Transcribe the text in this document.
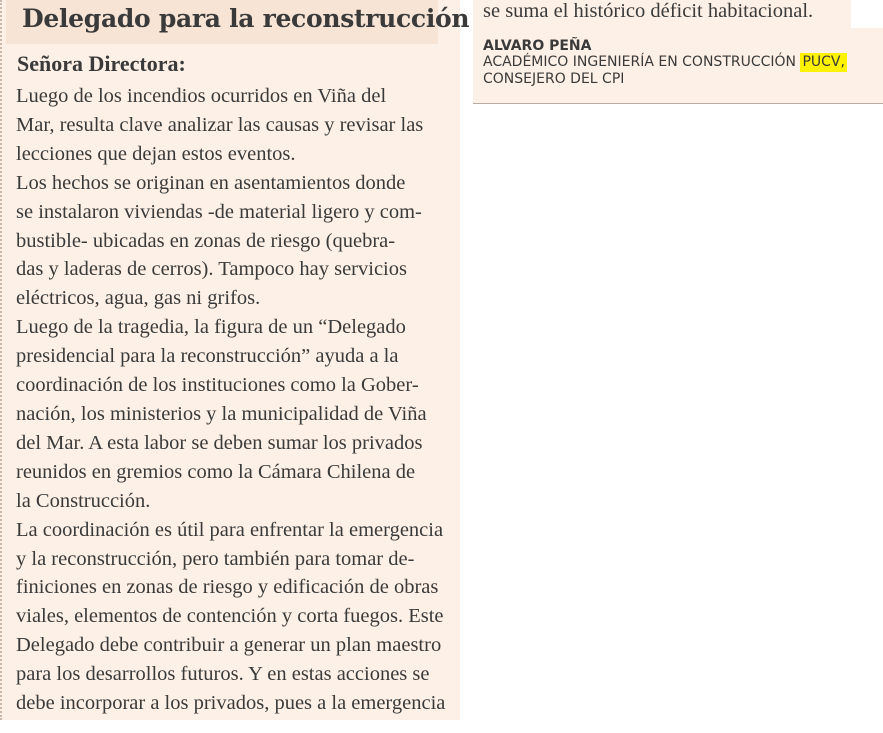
Delegado para la reconstrucción

Señora Directora:

Luego de los incendios ocurridos en Viña del
Mar, resulta clave analizar las causas y revisar las
lecciones que dejan estos eventos.
Los hechos se originan en asentamientos donde
se instalaron viviendas -de material ligero y com-
bustible- ubicadas en zonas de riesgo (quebra-
das y laderas de cerros). Tampoco hay servicios
eléctricos, agua, gas ni grifos.
Luego de la tragedia, la figura de un “Delegado
presidencial para la reconstrucción” ayuda a la
coordinación de los instituciones como la Gober-
nación, los ministerios y la municipalidad de Viña
del Mar. A esta labor se deben sumar los privados
reunidos en gremios como la Cámara Chilena de
la Construcción.
La coordinación es útil para enfrentar la emergencia
y la reconstrucción, pero también para tomar de-
finiciones en zonas de riesgo y edificación de obras
viales, elementos de contención y corta fuegos. Este
Delegado debe contribuir a generar un plan maestro
para los desarrollos futuros. Y en estas acciones se
debe incorporar a los privados, pues a la emergencia
se suma el histórico déficit habitacional.
ALVARO PEÑA
ACADÉMICO INGENIERÍA EN CONSTRUCCIÓN PUCV,
CONSEJERO DEL CPI
